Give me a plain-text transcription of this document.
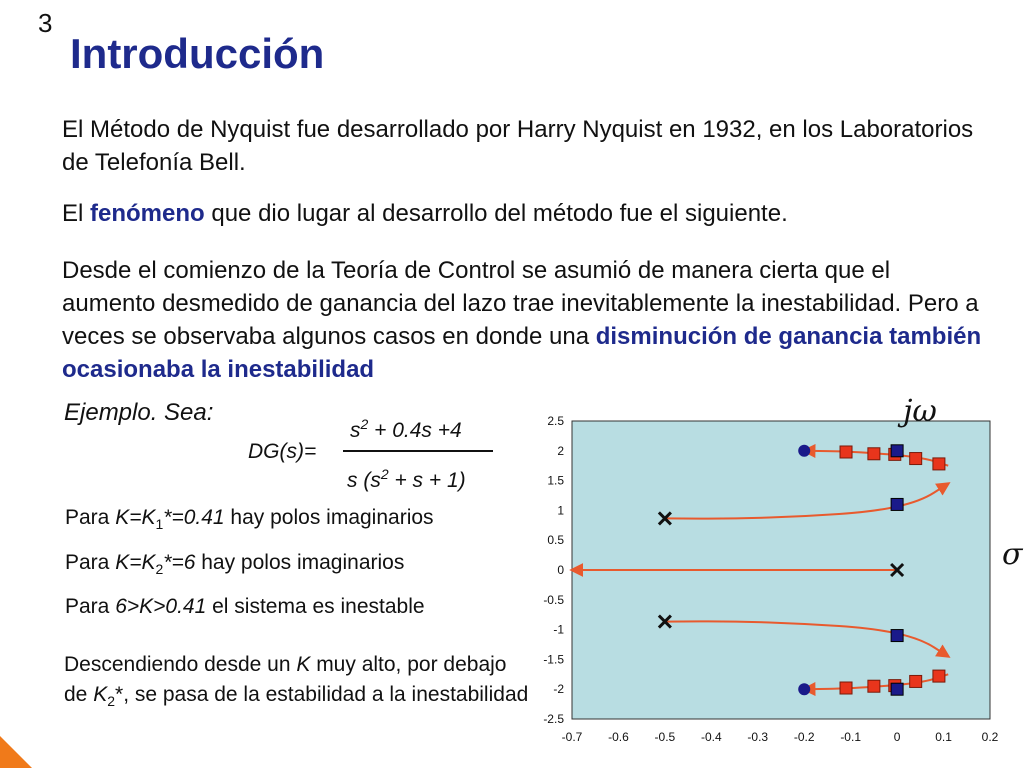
3
Introducción
El Método de Nyquist fue desarrollado por Harry Nyquist en 1932, en los Laboratorios de Telefonía Bell.
El fenómeno que dio lugar al desarrollo del método fue el siguiente.
Desde el comienzo de la Teoría de Control se asumió de manera cierta que el aumento desmedido de ganancia del lazo trae inevitablemente la inestabilidad. Pero a veces se observaba algunos casos en donde una disminución de ganancia también ocasionaba la inestabilidad
Ejemplo. Sea:
DG(s)=
$s^2 + 0.4s +4$
s $(s^2 + s + 1)$
Para $K=K_1*=0.41$ hay polos imaginarios
Para $K=K_2*=6$ hay polos imaginarios
Para 6>K>0.41 el sistema es inestable
Descendiendo desde un K muy alto, por debajo de $K_2*$, se pasa de la estabilidad a la inestabilidad
-0.7 -0.6 -0.5 -0.4 -0.3 -0.2 -0.1	0	0.1 0.2
2.5
2
1.5
1
0.5
0
-0.5
-1
-1.5
-2
-2.5
jω
σ
